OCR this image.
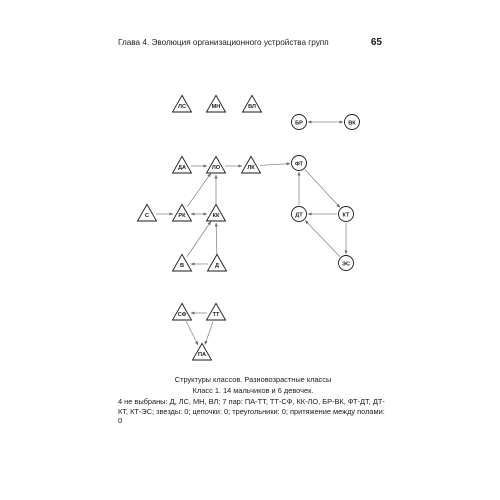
Глава 4. Эволюция организационного устройства групп	65
ЛС	МН	ВЛ
БР	ВК
ДА	ЛО	ЛК
ФТ
С	РК	КК	ДТ	КТ
В	Д	ЭС
СФ	ТТ
ПА
Структуры классов. Разновозрастные классы
Класс 1. 14 мальчиков и 6 девочек.
4 не выбраны: Д, ЛС, МН, ВЛ; 7 пар: ПА-ТТ, ТТ-СФ, КК-ЛО, БР-ВК, ФТ-ДТ, ДТ-КТ, КТ-ЭС; звезды: 0; цепочки: 0; треугольники: 0; притяжение между полами: 0
